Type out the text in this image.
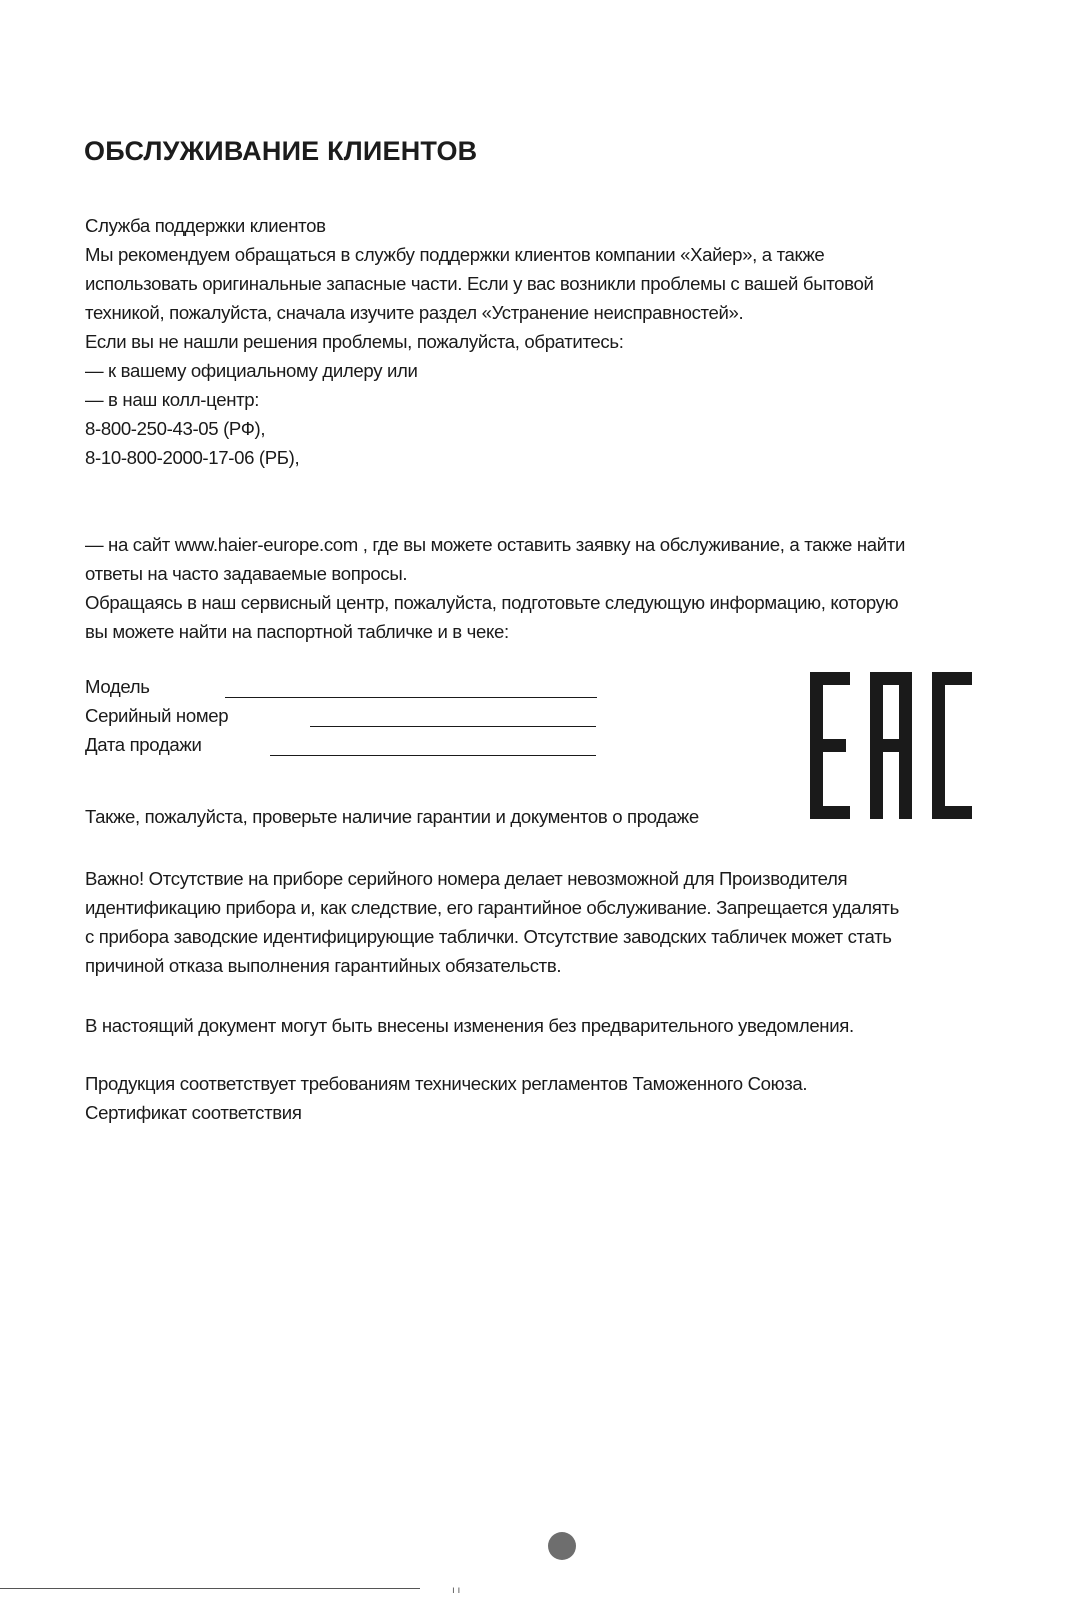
ОБСЛУЖИВАНИЕ КЛИЕНТОВ
Служба поддержки клиентов
Мы рекомендуем обращаться в службу поддержки клиентов компании «Хайер», а также
использовать оригинальные запасные части. Если у вас возникли проблемы с вашей бытовой
техникой, пожалуйста, сначала изучите раздел «Устранение неисправностей».
Если вы не нашли решения проблемы, пожалуйста, обратитесь:
— к вашему официальному дилеру или
— в наш колл-центр:
8-800-250-43-05 (РФ),
8-10-800-2000-17-06 (РБ),
— на сайт www.haier-europe.com , где вы можете оставить заявку на обслуживание, а также найти
ответы на часто задаваемые вопросы.
Обращаясь в наш сервисный центр, пожалуйста, подготовьте следующую информацию, которую
вы можете найти на паспортной табличке и в чеке:
Модель
Серийный номер
Дата продажи
Также, пожалуйста, проверьте наличие гарантии и документов о продаже
Важно! Отсутствие на приборе серийного номера делает невозможной для Производителя
идентификацию прибора и, как следствие, его гарантийное обслуживание. Запрещается удалять
с прибора заводские идентифицирующие таблички. Отсутствие заводских табличек может стать
причиной отказа выполнения гарантийных обязательств.
В настоящий документ могут быть внесены изменения без предварительного уведомления.
Продукция соответствует требованиям технических регламентов Таможенного Союза.
Сертификат соответствия
ı ı
